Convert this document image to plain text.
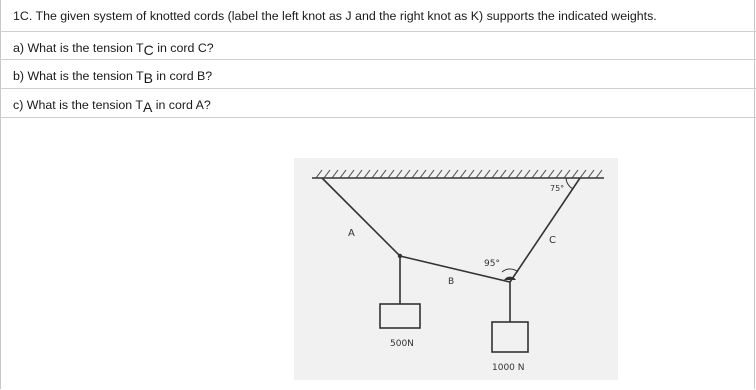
1C. The given system of knotted cords (label the left knot as J and the right knot as K) supports the indicated weights.
a) What is the tension TC in cord C?
b) What is the tension TB in cord B?
c) What is the tension TA in cord A?
A
B
C
95°
75°
500N
1000 N
